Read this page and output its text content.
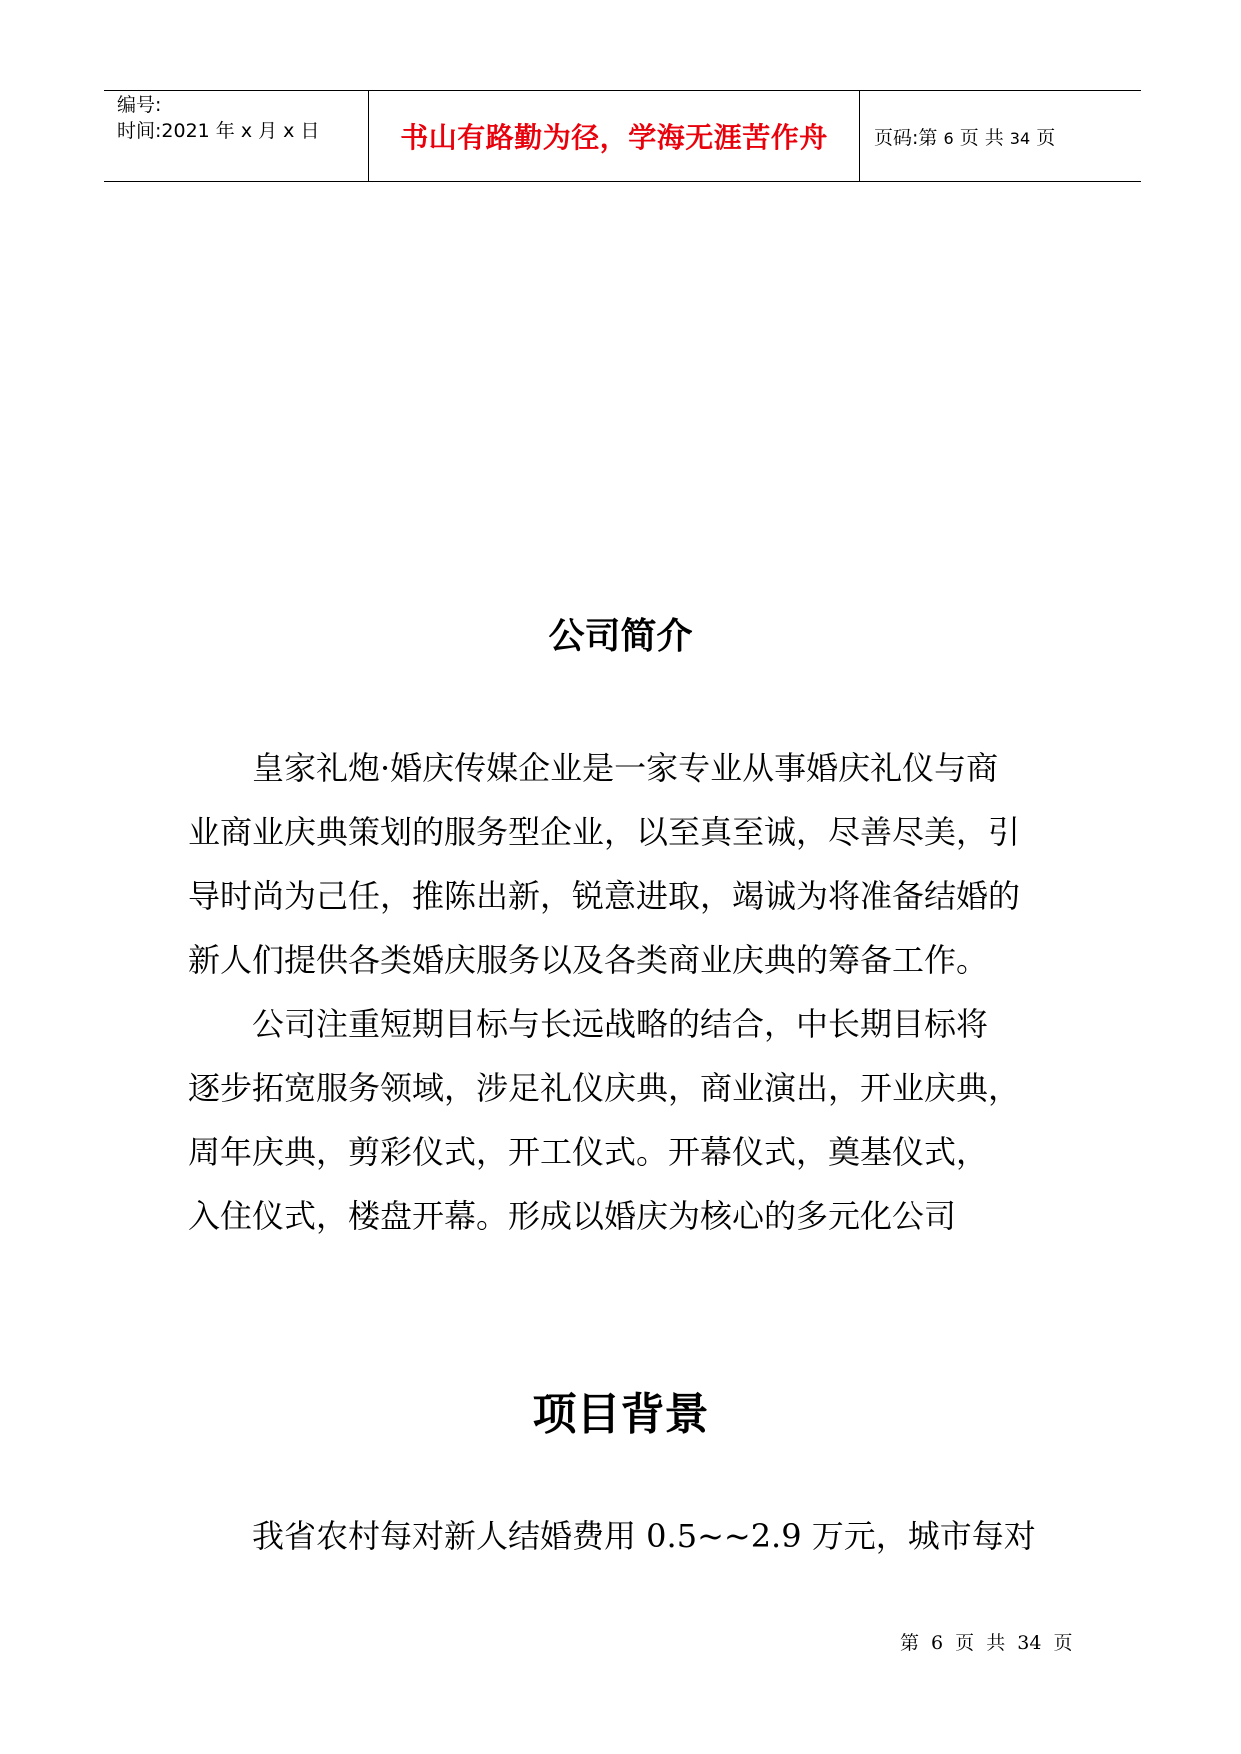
编号:
时间:2021 年 x 月 x 日	书山有路勤为径，学海无涯苦作舟 页码:第 6 页 共 34 页
公司简介
皇家礼炮·婚庆传媒企业是一家专业从事婚庆礼仪与商
业商业庆典策划的服务型企业，以至真至诚，尽善尽美，引
导时尚为己任，推陈出新，锐意进取，竭诚为将准备结婚的
新人们提供各类婚庆服务以及各类商业庆典的筹备工作。
公司注重短期目标与长远战略的结合，中长期目标将
逐步拓宽服务领域，涉足礼仪庆典，商业演出，开业庆典，
周年庆典，剪彩仪式，开工仪式。开幕仪式，奠基仪式，
入住仪式，楼盘开幕。形成以婚庆为核心的多元化公司
项目背景
我省农村每对新人结婚费用 0.5~~2.9 万元，城市每对
第 6 页 共 34 页
